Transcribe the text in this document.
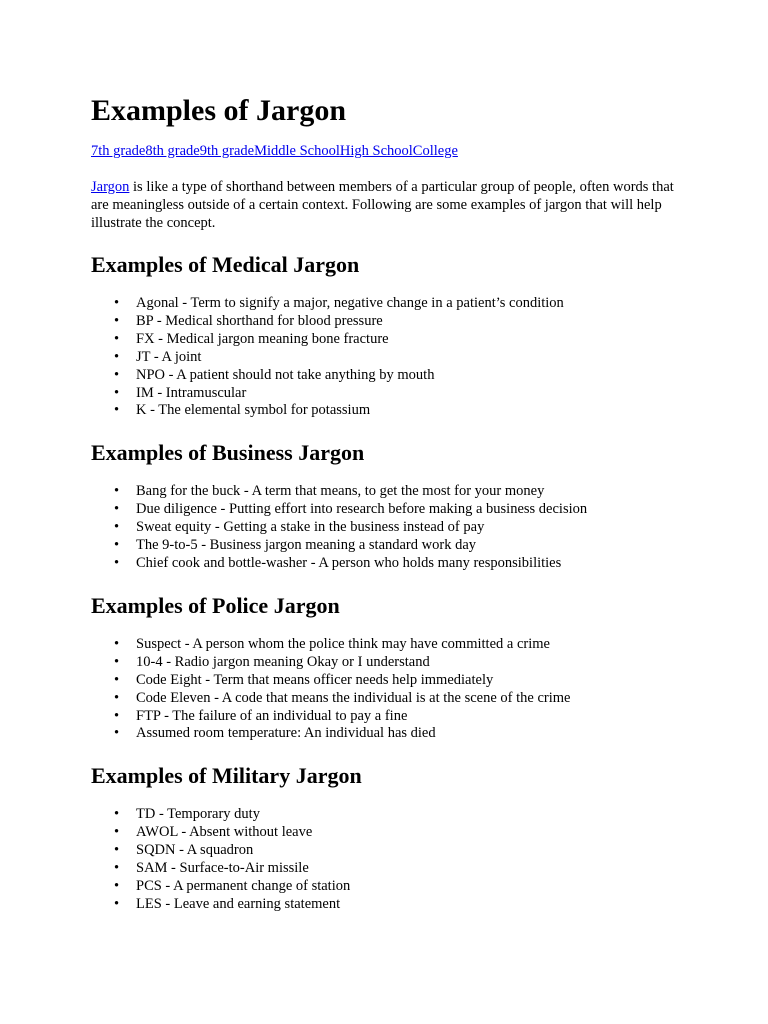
Examples of Jargon
7th grade8th grade9th gradeMiddle SchoolHigh SchoolCollege

Jargon is like a type of shorthand between members of a particular group of people, often words that are meaningless outside of a certain context. Following are some examples of jargon that will help illustrate the concept.

Examples of Medical Jargon
• Agonal - Term to signify a major, negative change in a patient’s condition
• BP - Medical shorthand for blood pressure
• FX - Medical jargon meaning bone fracture
• JT - A joint
• NPO - A patient should not take anything by mouth
• IM - Intramuscular
• K - The elemental symbol for potassium
Examples of Business Jargon
• Bang for the buck - A term that means, to get the most for your money
• Due diligence - Putting effort into research before making a business decision
• Sweat equity - Getting a stake in the business instead of pay
• The 9-to-5 - Business jargon meaning a standard work day
• Chief cook and bottle-washer - A person who holds many responsibilities
Examples of Police Jargon
• Suspect - A person whom the police think may have committed a crime
• 10-4 - Radio jargon meaning Okay or I understand
• Code Eight - Term that means officer needs help immediately
• Code Eleven - A code that means the individual is at the scene of the crime
• FTP - The failure of an individual to pay a fine
• Assumed room temperature: An individual has died
Examples of Military Jargon
• TD - Temporary duty
• AWOL - Absent without leave
• SQDN - A squadron
• SAM - Surface-to-Air missile
• PCS - A permanent change of station
• LES - Leave and earning statement
